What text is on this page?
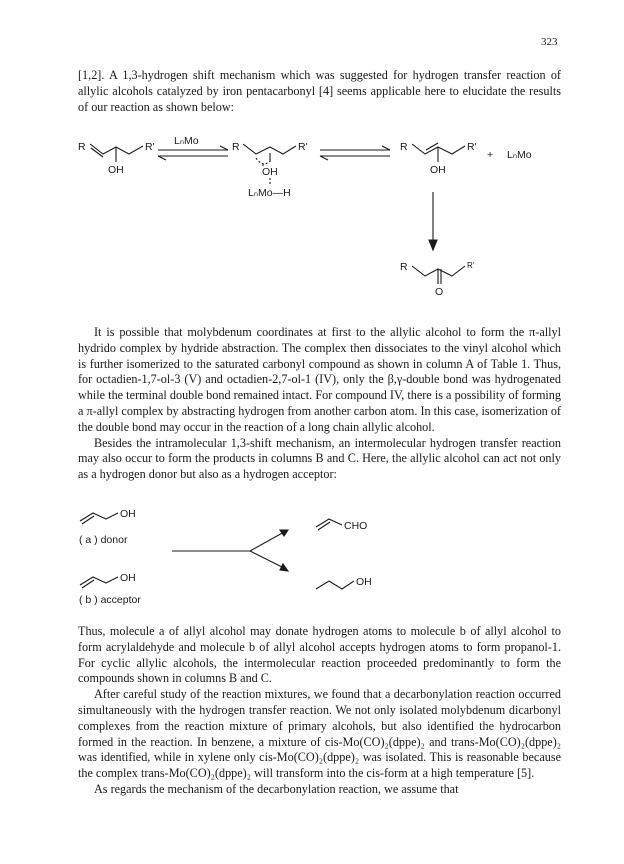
323

[1,2]. A 1,3-hydrogen shift mechanism which was suggested for hydrogen transfer reaction of allylic alcohols catalyzed by iron pentacarbonyl [4] seems applicable here to elucidate the results of our reaction as shown below:

R	R'
OH
LₙMo	R	R'
OH
LₙMo—H
R	R'
OH
+ LₙMo
R	R'
O

It is possible that molybdenum coordinates at first to the allylic alcohol to form the π-allyl hydrido complex by hydride abstraction. The complex then dissociates to the vinyl alcohol which is further isomerized to the saturated carbonyl compound as shown in column A of Table 1. Thus, for octadien-1,7-ol-3 (V) and octadien-2,7-ol-1 (IV), only the β,γ-double bond was hydrogenated while the terminal double bond remained intact. For compound IV, there is a possibility of forming a π-allyl complex by abstracting hydrogen from another carbon atom. In this case, isomerization of the double bond may occur in the reaction of a long chain allylic alcohol.

Besides the intramolecular 1,3-shift mechanism, an intermolecular hydrogen transfer reaction may also occur to form the products in columns B and C. Here, the allylic alcohol can act not only as a hydrogen donor but also as a hydrogen acceptor:

OH
( a ) donor
OH
( b ) acceptor
CHO
OH

Thus, molecule a of allyl alcohol may donate hydrogen atoms to molecule b of allyl alcohol to form acrylaldehyde and molecule b of allyl alcohol accepts hydrogen atoms to form propanol-1. For cyclic allylic alcohols, the intermolecular reaction proceeded predominantly to form the compounds shown in columns B and C.

After careful study of the reaction mixtures, we found that a decarbonylation reaction occurred simultaneously with the hydrogen transfer reaction. We not only isolated molybdenum dicarbonyl complexes from the reaction mixture of primary alcohols, but also identified the hydrocarbon formed in the reaction. In benzene, a mixture of cis-Mo(CO)₂(dppe)₂ and trans-Mo(CO)₂(dppe)₂ was identified, while in xylene only cis-Mo(CO)₂(dppe)₂ was isolated. This is reasonable because the complex trans-Mo(CO)₂(dppe)₂ will transform into the cis-form at a high temperature [5].

As regards the mechanism of the decarbonylation reaction, we assume that
